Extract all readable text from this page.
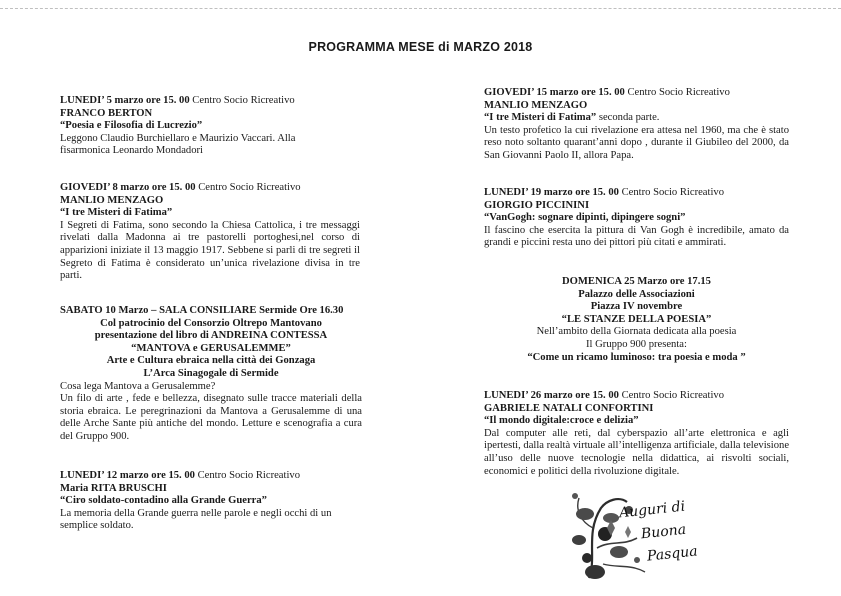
PROGRAMMA MESE di MARZO 2018

LUNEDI’ 5 marzo ore 15. 00 Centro Socio Ricreativo

FRANCO BERTON

“Poesia e Filosofia di Lucrezio”

Leggono Claudio Burchiellaro e Maurizio Vaccari. Alla

fisarmonica Leonardo Mondadori

GIOVEDI’ 8 marzo ore 15. 00 Centro Socio Ricreativo

MANLIO MENZAGO

“I tre Misteri di Fatima”

I Segreti di Fatima, sono secondo la Chiesa Cattolica, i tre messaggi rivelati dalla Madonna ai tre pastorelli portoghesi,nel corso di apparizioni iniziate il 13 maggio 1917. Sebbene si parli di tre segreti il Segreto di Fatima è considerato un’unica rivelazione divisa in tre parti.

SABATO 10 Marzo – SALA CONSILIARE Sermide Ore 16.30

Col patrocinio del Consorzio Oltrepo Mantovano

presentazione del libro di ANDREINA CONTESSA

“MANTOVA e GERUSALEMME”

Arte e Cultura ebraica nella città dei Gonzaga

L’Arca Sinagogale di Sermide

Cosa lega Mantova a Gerusalemme?

Un filo di arte , fede e bellezza, disegnato sulle tracce materiali della storia ebraica. Le peregrinazioni da Mantova a Gerusalemme di una delle Arche Sante più antiche del mondo. Letture e scenografia a cura del Gruppo 900.

LUNEDI’ 12 marzo ore 15. 00 Centro Socio Ricreativo

Maria RITA BRUSCHI

“Ciro soldato-contadino alla Grande Guerra”

La memoria della Grande guerra nelle parole e negli occhi di un

semplice soldato.

GIOVEDI’ 15 marzo ore 15. 00 Centro Socio Ricreativo

MANLIO MENZAGO

“I tre Misteri di Fatima” seconda parte.

Un testo profetico la cui rivelazione era attesa nel 1960, ma che è stato reso noto soltanto quarant’anni dopo , durante il Giubileo del 2000, da San Giovanni Paolo II, allora Papa.

LUNEDI’ 19 marzo ore 15. 00 Centro Socio Ricreativo

GIORGIO PICCININI

“VanGogh: sognare dipinti, dipingere sogni”

Il fascino che esercita la pittura di Van Gogh è incredibile, amato da grandi e piccini resta uno dei pittori più citati e ammirati.

DOMENICA 25 Marzo ore 17.15

Palazzo delle Associazioni

Piazza IV novembre

“LE STANZE DELLA POESIA”

Nell’ambito della Giornata dedicata alla poesia

Il Gruppo 900 presenta:

“Come un ricamo luminoso: tra poesia e moda ”

LUNEDI’ 26 marzo ore 15. 00 Centro Socio Ricreativo

GABRIELE NATALI CONFORTINI

“Il mondo digitale:croce e delizia”

Dal computer alle reti, dal cyberspazio all’arte elettronica e agli ipertesti, dalla realtà virtuale all’intelligenza artificiale, dalla televisione all’uso delle nuove tecnologie nella didattica, ai risvolti sociali, economici e politici della rivoluzione digitale.

Auguri di
Buona
Pasqua
